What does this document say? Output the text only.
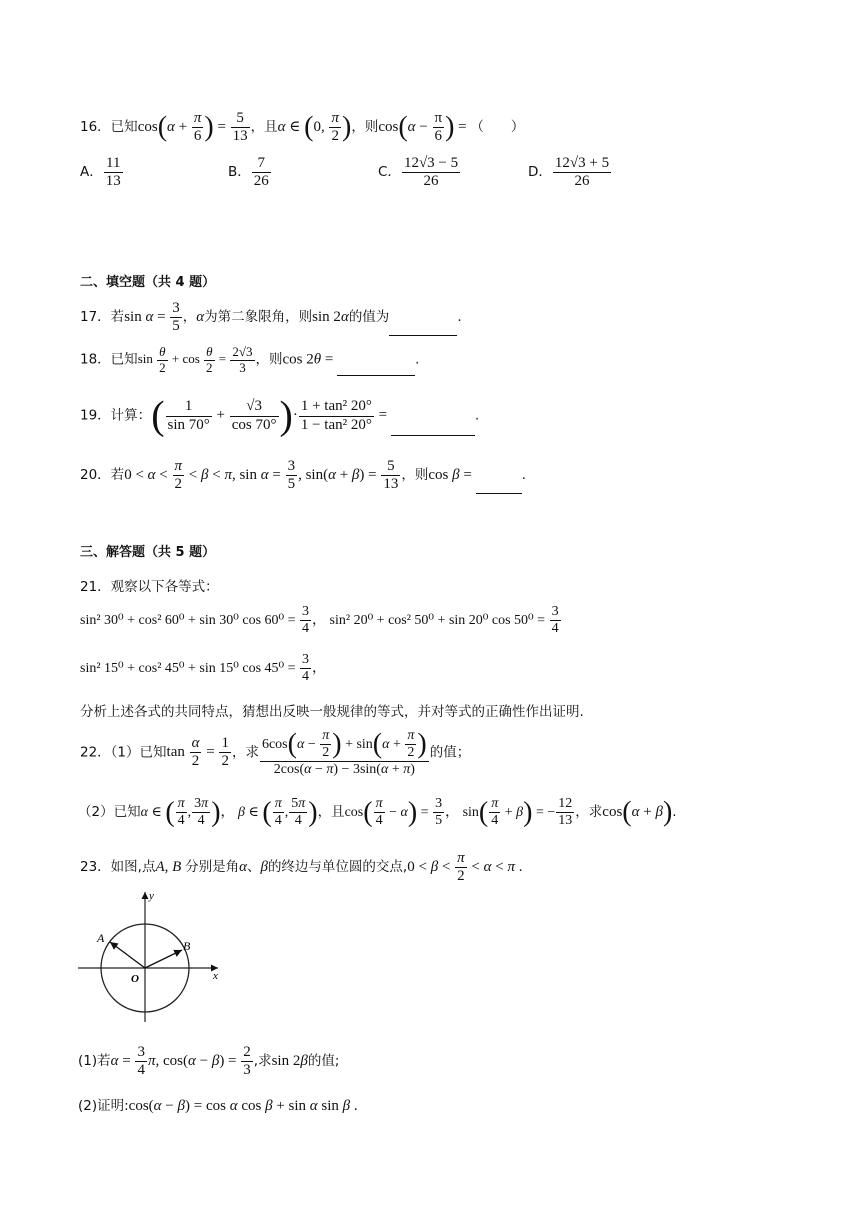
16．已知$\cos(\alpha + \frac{\pi}{6}$ ) = $\frac{5}{13}$ ，且α ∈ (0, $\frac{\pi}{2}$ )，则$\cos(\alpha - \frac{\pi}{6}$ ) = （　　）
A． $\frac{11}{13}$	B． $\frac{7}{26}$	C． $\frac{12√3 - 5}{26}$	D． $\frac{12√3 + 5}{26}$
二、填空题（共 4 题）
17．若$\sin \alpha = \frac{3}{5}$ ，α为第二象限角，则sin 2α的值为	.
18．已知$\sin \frac{\theta}{2} + \cos \frac{\theta}{2} = \frac{2√3}{3}$ ，则cos 2θ =	.
19．计算：( $\frac{1}{\sin 70^\circ} + \frac{√3}{\cos 70^\circ}$ )· $\frac{\text{1 + tan² 20°}}{\text{1 − tan² 20°}}$ =	.
20．若$0 < \alpha < \frac{\pi}{2} < \beta < \pi$, $\sin \alpha = \frac{3}{5}$ , $\sin(\alpha + \beta) = \frac{5}{13}$ ，则cos β =	.
三、解答题（共 5 题）
21．观察以下各等式：
sin² 30⁰ + cos² 60⁰ + sin 30⁰ $\cos 60^0 = \frac{3}{4}$ ， sin² 20⁰ + cos² 50⁰ + sin 20⁰ $\cos 50^0 = \frac{3}{4}$
sin² 15⁰ + cos² 45⁰ + sin 15⁰ $\cos 45^0 = \frac{3}{4}$ ，
分析上述各式的共同特点，猜想出反映一般规律的等式，并对等式的正确性作出证明.
22．（1）已知$\tan \frac{\alpha}{2} = \frac{1}{2}$ ，求 $\frac{6\cos(\alpha - \frac{\pi}{2} ) + \sin(\alpha + \frac{\pi}{2} )}{2\cos(\alpha - \pi) - 3\sin(\alpha + \pi)}$ 的值；
（2）已知α ∈ ( $\frac{\pi}{4}$ , $\frac{3\pi}{4}$ )， β ∈ ( $\frac{\pi}{4}$ , $\frac{5\pi}{4}$ )，且$\cos( \frac{\pi}{4} - \alpha) = \frac{3}{5}$ ， $\sin( \frac{\pi}{4} + \beta)$ = − $\frac{12}{13}$ ，求cos(α + β).
23．如图,点A, B 分别是角α、β的终边与单位圆的交点$,0 < \beta < \frac{\pi}{2} < \alpha < \pi$ .
A
B
O	x
y
(1)若$\alpha = \frac{3}{4} \pi$, $\cos(\alpha - \beta) = \frac{2}{3}$ ,求sin 2β的值;
(2)证明:cos(α − β) = cos α cos β + sin α sin β .
